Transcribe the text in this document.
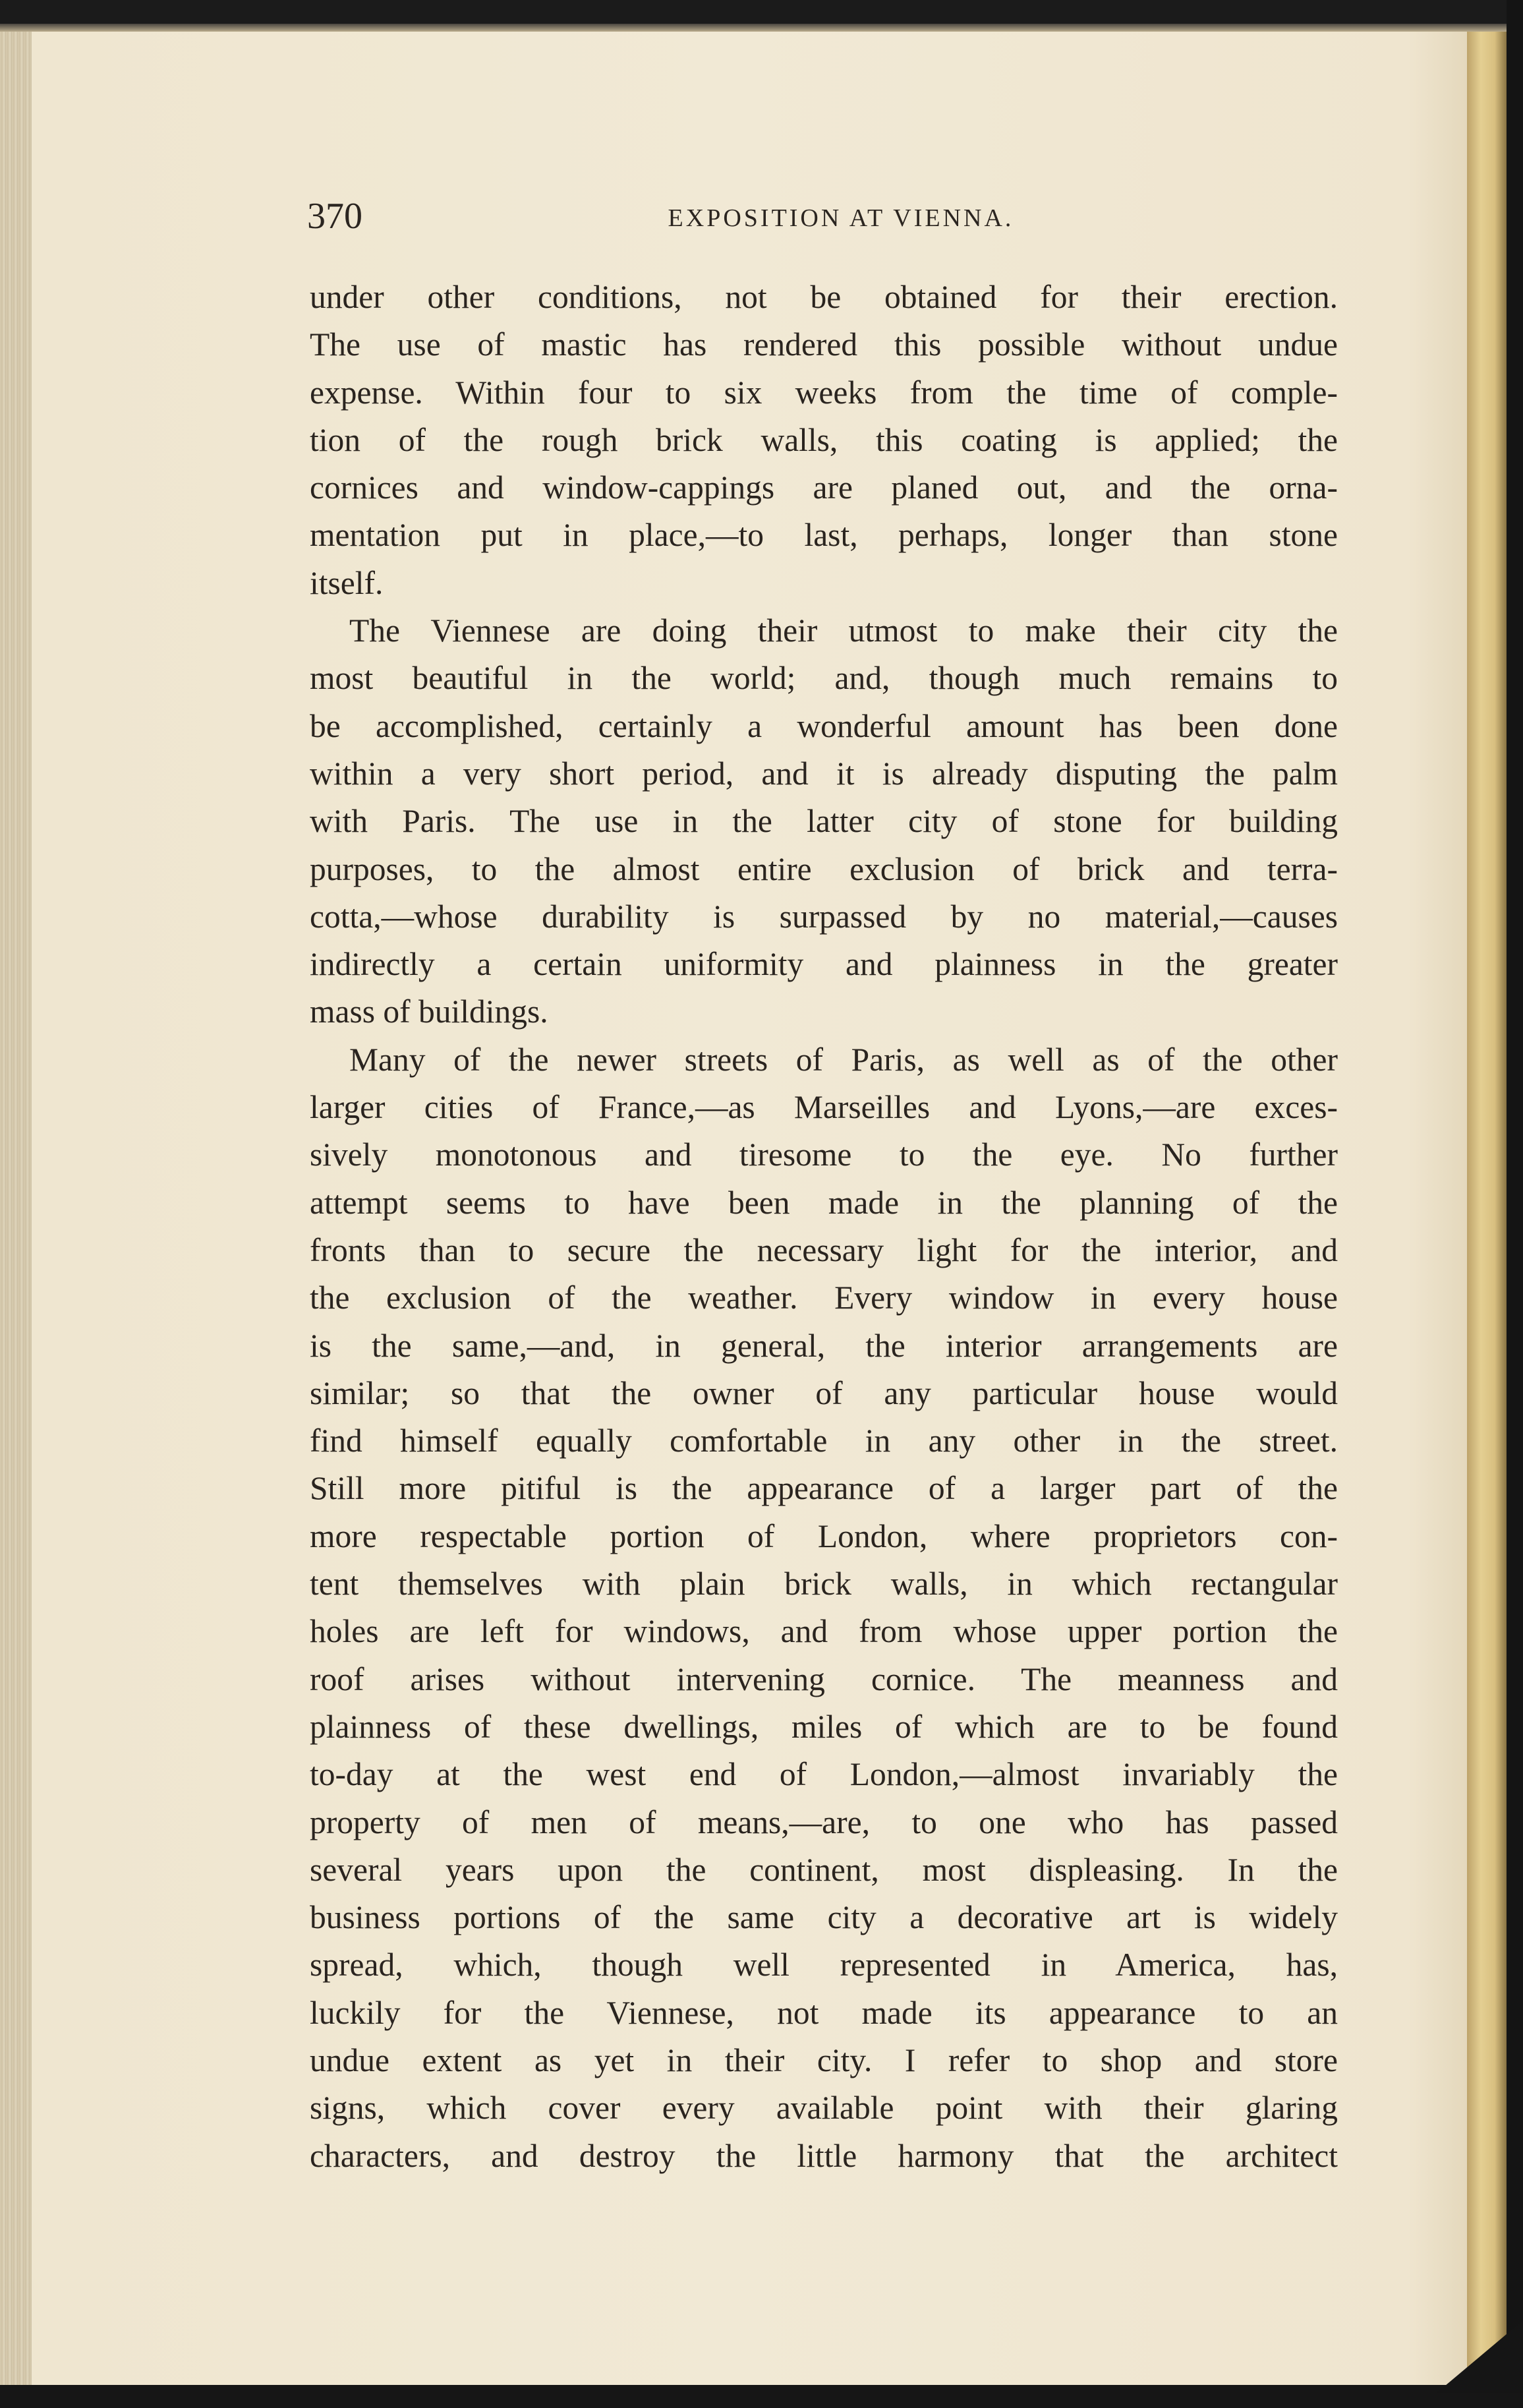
370	EXPOSITION AT VIENNA.
under other conditions, not be obtained for their erection.
The use of mastic has rendered this possible without undue
expense. Within four to six weeks from the time of comple-
tion of the rough brick walls, this coating is applied; the
cornices and window-cappings are planed out, and the orna-
mentation put in place,—to last, perhaps, longer than stone
itself.
The Viennese are doing their utmost to make their city the
most beautiful in the world; and, though much remains to
be accomplished, certainly a wonderful amount has been done
within a very short period, and it is already disputing the palm
with Paris. The use in the latter city of stone for building
purposes, to the almost entire exclusion of brick and terra-
cotta,—whose durability is surpassed by no material,—causes
indirectly a certain uniformity and plainness in the greater
mass of buildings.
Many of the newer streets of Paris, as well as of the other
larger cities of France,—as Marseilles and Lyons,—are exces-
sively monotonous and tiresome to the eye. No further
attempt seems to have been made in the planning of the
fronts than to secure the necessary light for the interior, and
the exclusion of the weather. Every window in every house
is the same,—and, in general, the interior arrangements are
similar; so that the owner of any particular house would
find himself equally comfortable in any other in the street.
Still more pitiful is the appearance of a larger part of the
more respectable portion of London, where proprietors con-
tent themselves with plain brick walls, in which rectangular
holes are left for windows, and from whose upper portion the
roof arises without intervening cornice. The meanness and
plainness of these dwellings, miles of which are to be found
to-day at the west end of London,—almost invariably the
property of men of means,—are, to one who has passed
several years upon the continent, most displeasing. In the
business portions of the same city a decorative art is widely
spread, which, though well represented in America, has,
luckily for the Viennese, not made its appearance to an
undue extent as yet in their city. I refer to shop and store
signs, which cover every available point with their glaring
characters, and destroy the little harmony that the architect
